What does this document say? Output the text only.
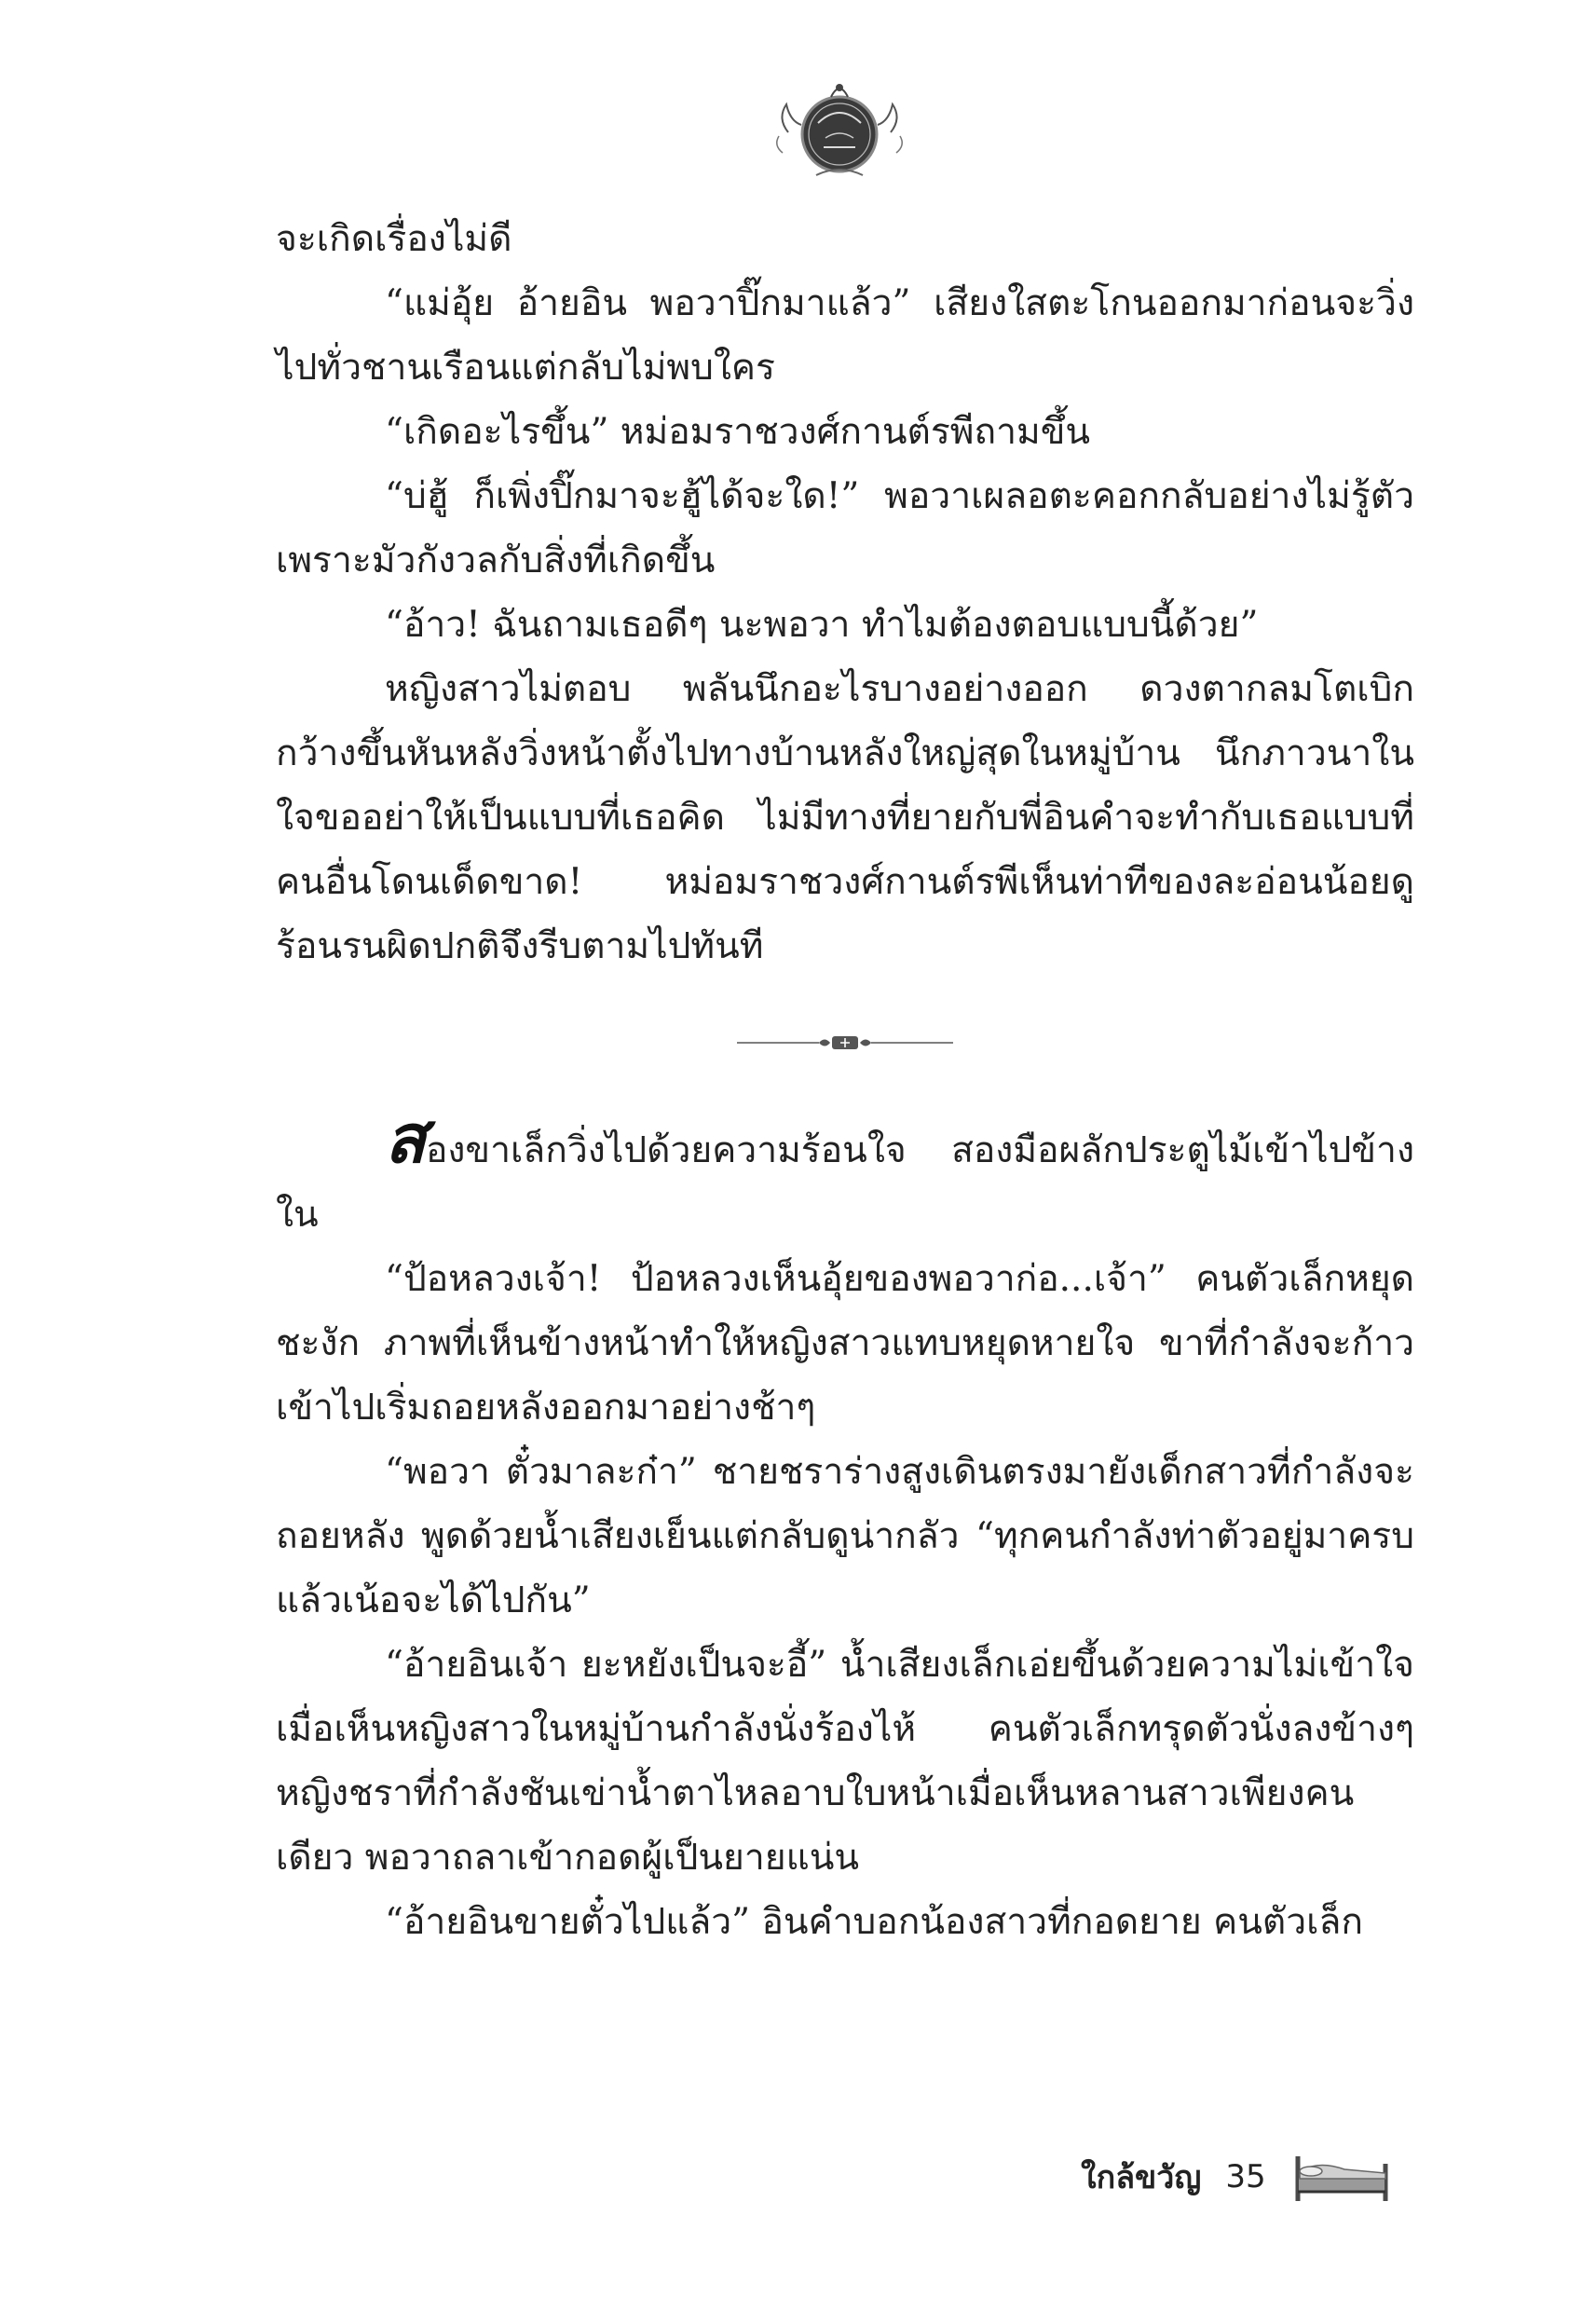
จะเกิดเรื่องไม่ดี

“แม่อุ้ย อ้ายอิน พอวาปิ๊กมาแล้ว” เสียงใสตะโกนออกมาก่อนจะวิ่งไปทั่วชานเรือนแต่กลับไม่พบใคร

“เกิดอะไรขึ้น” หม่อมราชวงศ์กานต์รพีถามขึ้น

“บ่ฮู้ ก็เพิ่งปิ๊กมาจะฮู้ได้จะใด!” พอวาเผลอตะคอกกลับอย่างไม่รู้ตัวเพราะมัวกังวลกับสิ่งที่เกิดขึ้น

“อ้าว! ฉันถามเธอดีๆ นะพอวา ทำไมต้องตอบแบบนี้ด้วย”

หญิงสาวไม่ตอบ พลันนึกอะไรบางอย่างออก ดวงตากลมโตเบิกกว้างขึ้นหันหลังวิ่งหน้าตั้งไปทางบ้านหลังใหญ่สุดในหมู่บ้าน นึกภาวนาในใจขออย่าให้เป็นแบบที่เธอคิด ไม่มีทางที่ยายกับพี่อินคำจะทำกับเธอแบบที่คนอื่นโดนเด็ดขาด! หม่อมราชวงศ์กานต์รพีเห็นท่าทีของละอ่อนน้อยดูร้อนรนผิดปกติจึงรีบตามไปทันที

สองขาเล็กวิ่งไปด้วยความร้อนใจ สองมือผลักประตูไม้เข้าไปข้างใน

“ป้อหลวงเจ้า! ป้อหลวงเห็นอุ้ยของพอวาก่อ...เจ้า” คนตัวเล็กหยุดชะงัก ภาพที่เห็นข้างหน้าทำให้หญิงสาวแทบหยุดหายใจ ขาที่กำลังจะก้าวเข้าไปเริ่มถอยหลังออกมาอย่างช้าๆ

“พอวา ตั๋วมาละก๋า” ชายชราร่างสูงเดินตรงมายังเด็กสาวที่กำลังจะถอยหลัง พูดด้วยน้ำเสียงเย็นแต่กลับดูน่ากลัว “ทุกคนกำลังท่าตัวอยู่มาครบแล้วเน้อจะได้ไปกัน”

“อ้ายอินเจ้า ยะหยังเป็นจะอี้” น้ำเสียงเล็กเอ่ยขึ้นด้วยความไม่เข้าใจเมื่อเห็นหญิงสาวในหมู่บ้านกำลังนั่งร้องไห้ คนตัวเล็กทรุดตัวนั่งลงข้างๆ หญิงชราที่กำลังชันเข่าน้ำตาไหลอาบใบหน้าเมื่อเห็นหลานสาวเพียงคนเดียว พอวาถลาเข้ากอดผู้เป็นยายแน่น

“อ้ายอินขายตั๋วไปแล้ว” อินคำบอกน้องสาวที่กอดยาย คนตัวเล็ก

ใกล้ขวัญ 35
